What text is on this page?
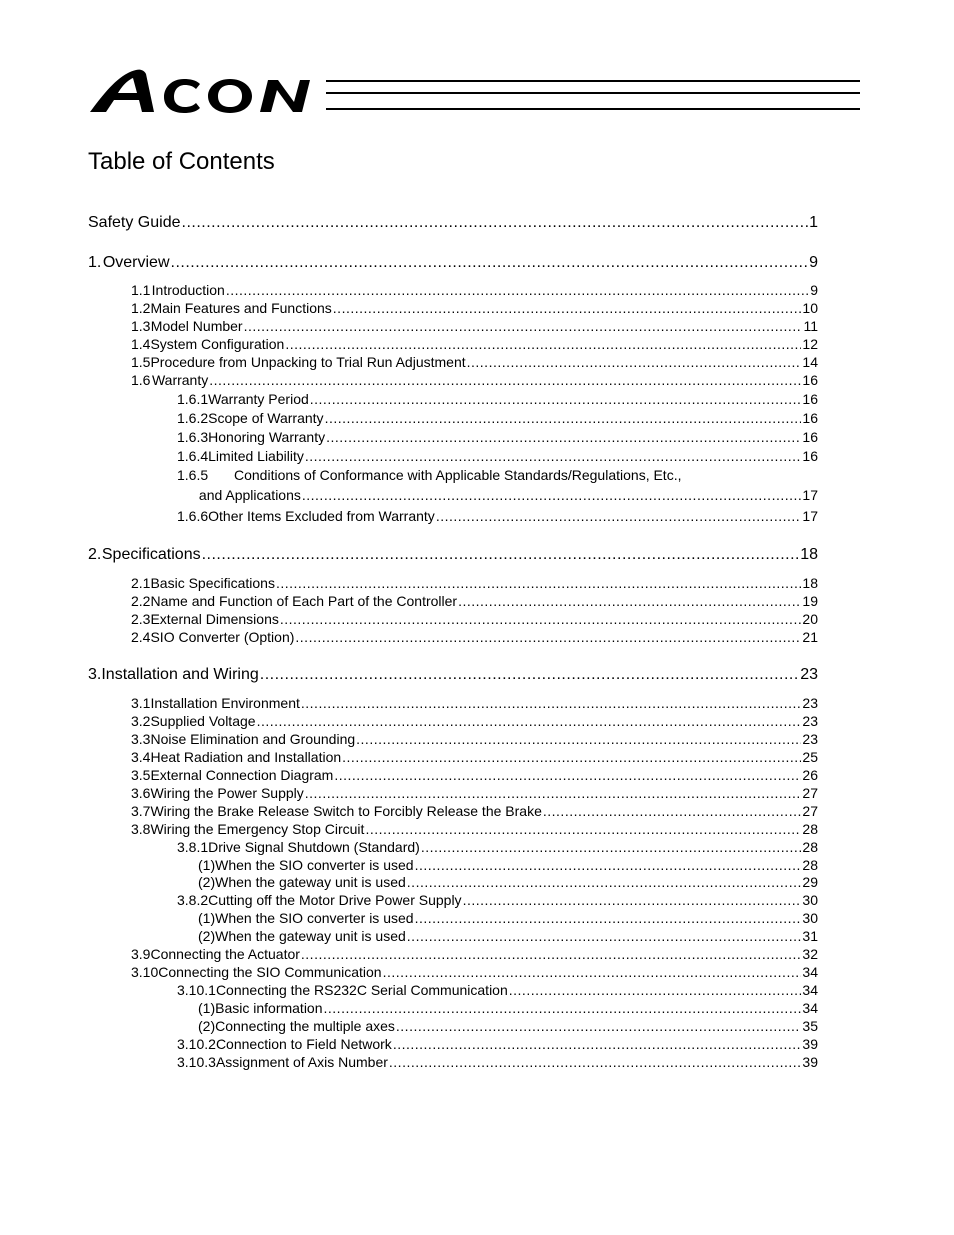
ACON
Table of Contents
Safety Guide .....	1
1. Overview .....	9
1.1 Introduction .....	9
1.2 Main Features and Functions .....	10
1.3 Model Number .....	11
1.4 System Configuration .....	12
1.5 Procedure from Unpacking to Trial Run Adjustment .....	14
1.6 Warranty .....	16
1.6.1 Warranty Period .....	16
1.6.2 Scope of Warranty .....	16
1.6.3 Honoring Warranty .....	16
1.6.4 Limited Liability .....	16
1.6.5	Conditions of Conformance with Applicable Standards/Regulations, Etc.,
and Applications .....	17
1.6.6 Other Items Excluded from Warranty .....	17
2. Specifications .....	18
2.1 Basic Specifications .....	18
2.2 Name and Function of Each Part of the Controller .....	19
2.3 External Dimensions .....	20
2.4 SIO Converter (Option) .....	21
3. Installation and Wiring .....	23
3.1 Installation Environment .....	23
3.2 Supplied Voltage .....	23
3.3 Noise Elimination and Grounding .....	23
3.4 Heat Radiation and Installation .....	25
3.5 External Connection Diagram .....	26
3.6 Wiring the Power Supply .....	27
3.7 Wiring the Brake Release Switch to Forcibly Release the Brake .....	27
3.8 Wiring the Emergency Stop Circuit .....	28
3.8.1 Drive Signal Shutdown (Standard) .....	28
(1) When the SIO converter is used .....	28
(2) When the gateway unit is used .....	29
3.8.2 Cutting off the Motor Drive Power Supply .....	30
(1) When the SIO converter is used .....	30
(2) When the gateway unit is used .....	31
3.9 Connecting the Actuator .....	32
3.10 Connecting the SIO Communication .....	34
3.10.1 Connecting the RS232C Serial Communication .....	34
(1) Basic information .....	34
(2) Connecting the multiple axes .....	35
3.10.2 Connection to Field Network .....	39
3.10.3 Assignment of Axis Number .....	39
